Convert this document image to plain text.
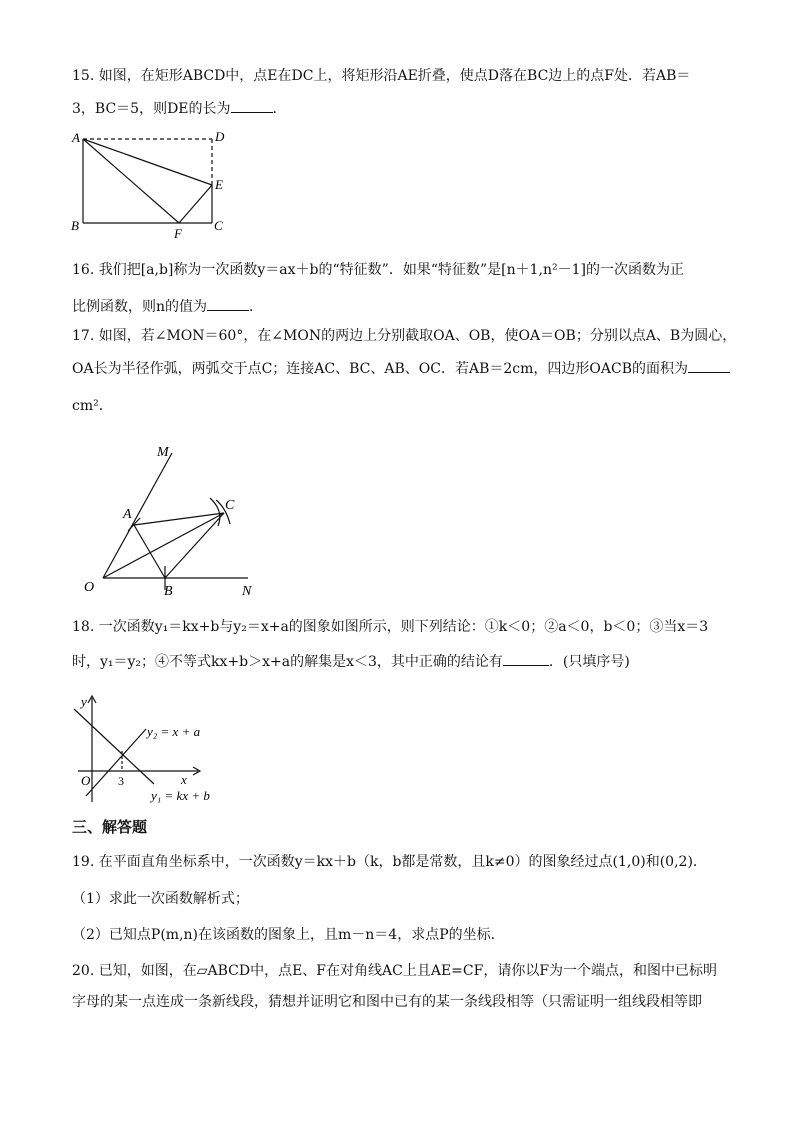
15. 如图，在矩形ABCD中，点E在DC上，将矩形沿AE折叠，使点D落在BC边上的点F处．若AB＝
3，BC＝5，则DE的长为	．
A	D
E
B	C
F
16. 我们把[a,b]称为一次函数y＝ax＋b的“特征数”．如果“特征数”是[n＋1,n²－1]的一次函数为正
比例函数，则n的值为	．
17. 如图，若∠MON＝60°，在∠MON的两边上分别截取OA、OB，使OA＝OB；分别以点A、B为圆心，
OA长为半径作弧，两弧交于点C；连接AC、BC、AB、OC．若AB＝2cm，四边形OACB的面积为
cm²．
M
A
C
O	B	N
18. 一次函数y₁＝kx+b与y₂＝x+a的图象如图所示，则下列结论：①k＜0；②a＜0，b＜0；③当x＝3
时，y₁＝y₂；④不等式kx+b＞x+a的解集是x＜3，其中正确的结论有	．(只填序号)
y
x
O 3
y₂ = x + a
y₁ = kx + b
三、解答题
19. 在平面直角坐标系中，一次函数y＝kx＋b（k，b都是常数，且k≠0）的图象经过点(1,0)和(0,2)．
（1）求此一次函数解析式；
（2）已知点P(m,n)在该函数的图象上，且m－n＝4，求点P的坐标．
20. 已知，如图，在▱ABCD中，点E、F在对角线AC上且AE=CF，请你以F为一个端点，和图中已标明
字母的某一点连成一条新线段，猜想并证明它和图中已有的某一条线段相等（只需证明一组线段相等即
